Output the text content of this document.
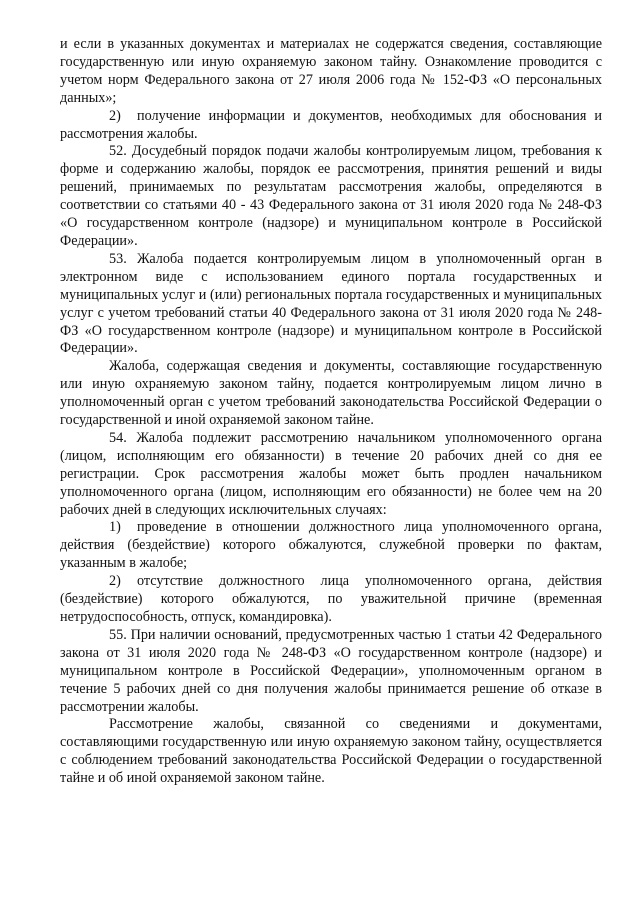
и если в указанных документах и материалах не содержатся сведения, составляющие государственную или иную охраняемую законом тайну. Ознакомление проводится с учетом норм Федерального закона от 27 июля 2006 года № 152-ФЗ «О персональных данных»;

2) получение информации и документов, необходимых для обоснования и рассмотрения жалобы.

52. Досудебный порядок подачи жалобы контролируемым лицом, требования к форме и содержанию жалобы, порядок ее рассмотрения, принятия решений и виды решений, принимаемых по результатам рассмотрения жалобы, определяются в соответствии со статьями 40 - 43 Федерального закона от 31 июля 2020 года № 248-ФЗ «О государственном контроле (надзоре) и муниципальном контроле в Российской Федерации».

53. Жалоба подается контролируемым лицом в уполномоченный орган в электронном виде с использованием единого портала государственных и муниципальных услуг и (или) региональных портала государственных и муниципальных услуг с учетом требований статьи 40 Федерального закона от 31 июля 2020 года № 248-ФЗ «О государственном контроле (надзоре) и муниципальном контроле в Российской Федерации».

Жалоба, содержащая сведения и документы, составляющие государственную или иную охраняемую законом тайну, подается контролируемым лицом лично в уполномоченный орган с учетом требований законодательства Российской Федерации о государственной и иной охраняемой законом тайне.

54. Жалоба подлежит рассмотрению начальником уполномоченного органа (лицом, исполняющим его обязанности) в течение 20 рабочих дней со дня ее регистрации. Срок рассмотрения жалобы может быть продлен начальником уполномоченного органа (лицом, исполняющим его обязанности) не более чем на 20 рабочих дней в следующих исключительных случаях:

1) проведение в отношении должностного лица уполномоченного органа, действия (бездействие) которого обжалуются, служебной проверки по фактам, указанным в жалобе;

2) отсутствие должностного лица уполномоченного органа, действия (бездействие) которого обжалуются, по уважительной причине (временная нетрудоспособность, отпуск, командировка).

55. При наличии оснований, предусмотренных частью 1 статьи 42 Федерального закона от 31 июля 2020 года № 248-ФЗ «О государственном контроле (надзоре) и муниципальном контроле в Российской Федерации», уполномоченным органом в течение 5 рабочих дней со дня получения жалобы принимается решение об отказе в рассмотрении жалобы.

Рассмотрение жалобы, связанной со сведениями и документами, составляющими государственную или иную охраняемую законом тайну, осуществляется с соблюдением требований законодательства Российской Федерации о государственной тайне и об иной охраняемой законом тайне.
